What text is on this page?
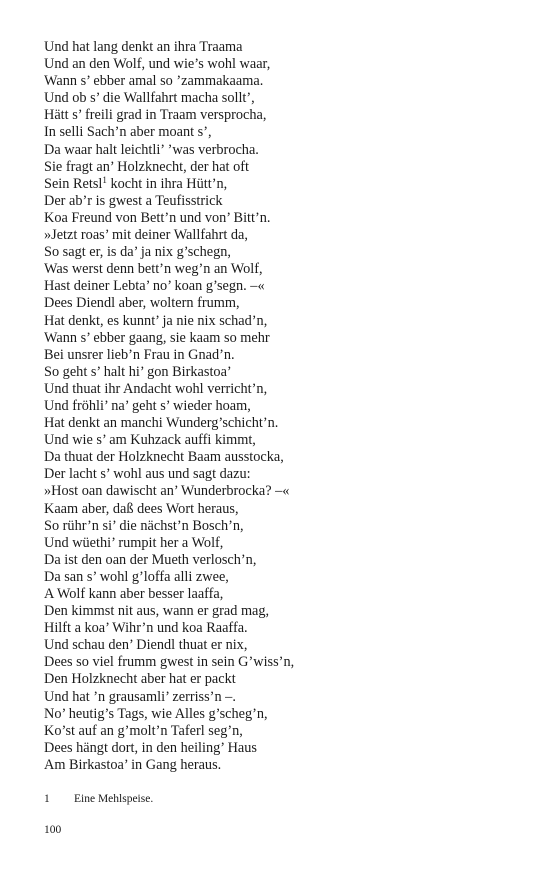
Und hat lang denkt an ihra Traama
Und an den Wolf, und wie’s wohl waar,
Wann s’ ebber amal so ’zammakaama.
Und ob s’ die Wallfahrt macha sollt’,
Hätt s’ freili grad in Traam versprocha,
In selli Sach’n aber moant s’,
Da waar halt leichtli’ ’was verbrocha.
Sie fragt an’ Holzknecht, der hat oft
Sein Retsl$^1$ kocht in ihra Hütt’n,
Der ab’r is gwest a Teufisstrick
Koa Freund von Bett’n und von’ Bitt’n.
»Jetzt roas’ mit deiner Wallfahrt da,
So sagt er, is da’ ja nix g’schegn,
Was werst denn bett’n weg’n an Wolf,
Hast deiner Lebta’ no’ koan g’segn. –«
Dees Diendl aber, woltern frumm,
Hat denkt, es kunnt’ ja nie nix schad’n,
Wann s’ ebber gaang, sie kaam so mehr
Bei unsrer lieb’n Frau in Gnad’n.
So geht s’ halt hi’ gon Birkastoa’
Und thuat ihr Andacht wohl verricht’n,
Und fröhli’ na’ geht s’ wieder hoam,
Hat denkt an manchi Wunderg’schicht’n.
Und wie s’ am Kuhzack auffi kimmt,
Da thuat der Holzknecht Baam ausstocka,
Der lacht s’ wohl aus und sagt dazu:
»Host oan dawischt an’ Wunderbrocka? –«
Kaam aber, daß dees Wort heraus,
So rühr’n si’ die nächst’n Bosch’n,
Und wüethi’ rumpit her a Wolf,
Da ist den oan der Mueth verlosch’n,
Da san s’ wohl g’loffa alli zwee,
A Wolf kann aber besser laaffa,
Den kimmst nit aus, wann er grad mag,
Hilft a koa’ Wihr’n und koa Raaffa.
Und schau den’ Diendl thuat er nix,
Dees so viel frumm gwest in sein G’wiss’n,
Den Holzknecht aber hat er packt
Und hat ’n grausamli’ zerriss’n –.
No’ heutig’s Tags, wie Alles g’scheg’n,
Ko’st auf an g’molt’n Taferl seg’n,
Dees hängt dort, in den heiling’ Haus
Am Birkastoa’ in Gang heraus.
1 Eine Mehlspeise.
100
